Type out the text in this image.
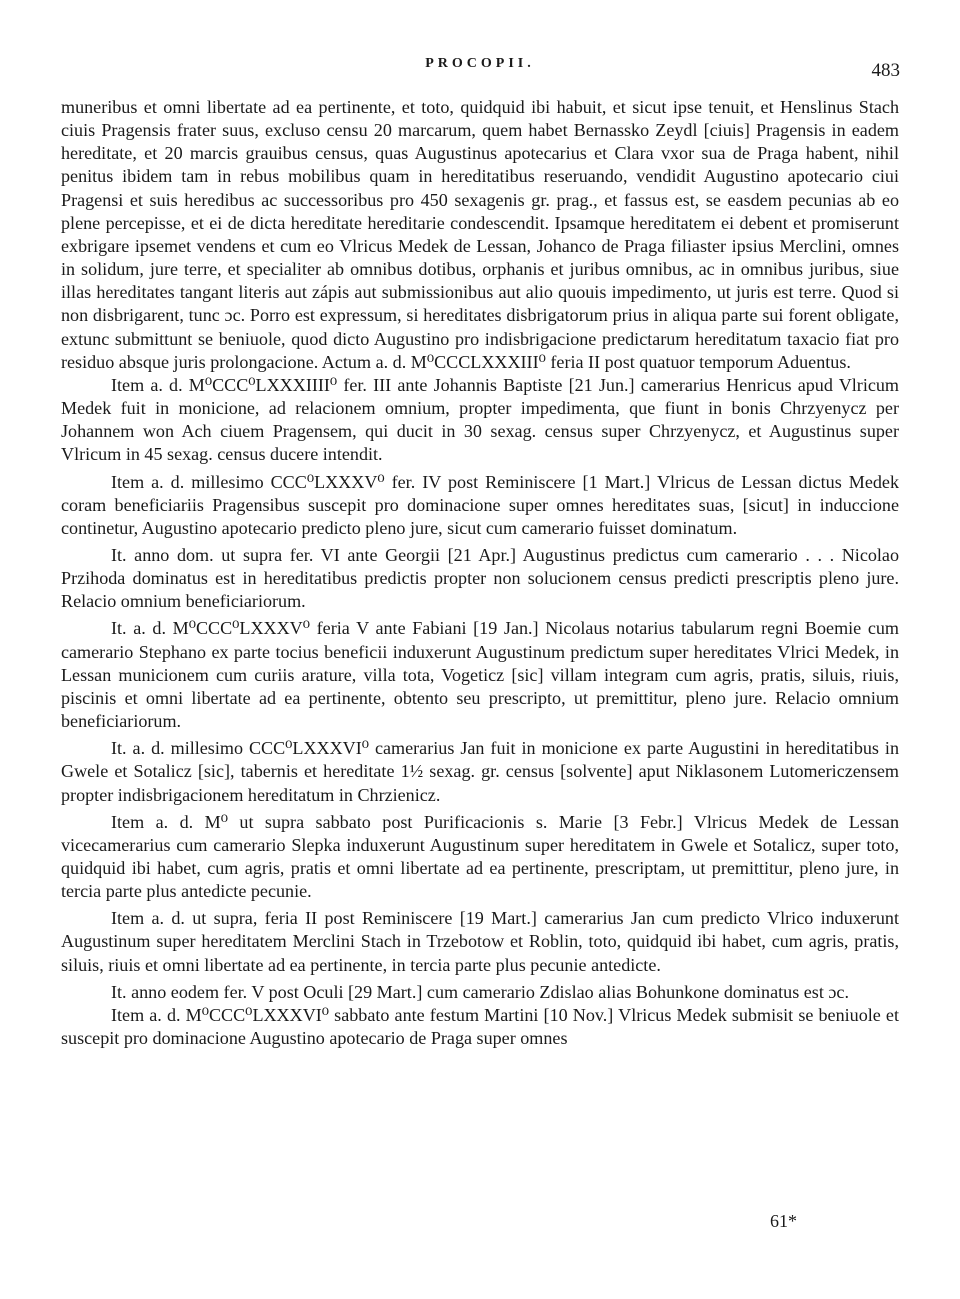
PROCOPII.	483

muneribus et omni libertate ad ea pertinente, et toto, quidquid ibi habuit, et sicut ipse tenuit, et Henslinus Stach ciuis Pragensis frater suus, excluso censu 20 marcarum, quem habet Bernassko Zeydl [ciuis] Pragensis in eadem hereditate, et 20 marcis grauibus census, quas Augustinus apotecarius et Clara vxor sua de Praga habent, nihil penitus ibidem tam in rebus mobilibus quam in hereditatibus reseruando, vendidit Augustino apotecario ciui Pragensi et suis heredibus ac successoribus pro 450 sexagenis gr. prag., et fassus est, se easdem pecunias ab eo plene percepisse, et ei de dicta hereditate hereditarie condescendit. Ipsamque hereditatem ei debent et promiserunt exbrigare ipsemet vendens et cum eo Vlricus Medek de Lessan, Johanco de Praga filiaster ipsius Merclini, omnes in solidum, jure terre, et specialiter ab omnibus dotibus, orphanis et juribus omnibus, ac in omnibus juribus, siue illas hereditates tangant literis aut zápis aut submissionibus aut alio quouis impedimento, ut juris est terre. Quod si non disbrigarent, tunc ɔc. Porro est expressum, si hereditates disbrigatorum prius in aliqua parte sui forent obligate, extunc submittunt se beniuole, quod dicto Augustino pro indisbrigacione predictarum hereditatum taxacio fiat pro residuo absque juris prolongacione. Actum a. d. M⁰CCCLXXXIII⁰ feria II post quatuor temporum Aduentus.

Item a. d. M⁰CCC⁰LXXXIIII⁰ fer. III ante Johannis Baptiste [21 Jun.] camerarius Henricus apud Vlricum Medek fuit in monicione, ad relacionem omnium, propter impedimenta, que fiunt in bonis Chrzyenycz per Johannem won Ach ciuem Pragensem, qui ducit in 30 sexag. census super Chrzyenycz, et Augustinus super Vlricum in 45 sexag. census ducere intendit.

Item a. d. millesimo CCC⁰LXXXV⁰ fer. IV post Reminiscere [1 Mart.] Vlricus de Lessan dictus Medek coram beneficiariis Pragensibus suscepit pro dominacione super omnes hereditates suas, [sicut] in induccione continetur, Augustino apotecario predicto pleno jure, sicut cum camerario fuisset dominatum.

It. anno dom. ut supra fer. VI ante Georgii [21 Apr.] Augustinus predictus cum camerario . . . Nicolao Przihoda dominatus est in hereditatibus predictis propter non solucionem census predicti prescriptis pleno jure. Relacio omnium beneficiariorum.

It. a. d. M⁰CCC⁰LXXXV⁰ feria V ante Fabiani [19 Jan.] Nicolaus notarius tabularum regni Boemie cum camerario Stephano ex parte tocius beneficii induxerunt Augustinum predictum super hereditates Vlrici Medek, in Lessan municionem cum curiis arature, villa tota, Vogeticz [sic] villam integram cum agris, pratis, siluis, riuis, piscinis et omni libertate ad ea pertinente, obtento seu prescripto, ut premittitur, pleno jure. Relacio omnium beneficiariorum.

It. a. d. millesimo CCC⁰LXXXVI⁰ camerarius Jan fuit in monicione ex parte Augustini in hereditatibus in Gwele et Sotalicz [sic], tabernis et hereditate 1½ sexag. gr. census [solvente] aput Niklasonem Lutomericzensem propter indisbrigacionem hereditatum in Chrzienicz.

Item a. d. M⁰ ut supra sabbato post Purificacionis s. Marie [3 Febr.] Vlricus Medek de Lessan vicecamerarius cum camerario Slepka induxerunt Augustinum super hereditatem in Gwele et Sotalicz, super toto, quidquid ibi habet, cum agris, pratis et omni libertate ad ea pertinente, prescriptam, ut premittitur, pleno jure, in tercia parte plus antedicte pecunie.

Item a. d. ut supra, feria II post Reminiscere [19 Mart.] camerarius Jan cum predicto Vlrico induxerunt Augustinum super hereditatem Merclini Stach in Trzebotow et Roblin, toto, quidquid ibi habet, cum agris, pratis, siluis, riuis et omni libertate ad ea pertinente, in tercia parte plus pecunie antedicte.

It. anno eodem fer. V post Oculi [29 Mart.] cum camerario Zdislao alias Bohunkone dominatus est ɔc.

Item a. d. M⁰CCC⁰LXXXVI⁰ sabbato ante festum Martini [10 Nov.] Vlricus Medek submisit se beniuole et suscepit pro dominacione Augustino apotecario de Praga super omnes

61*
